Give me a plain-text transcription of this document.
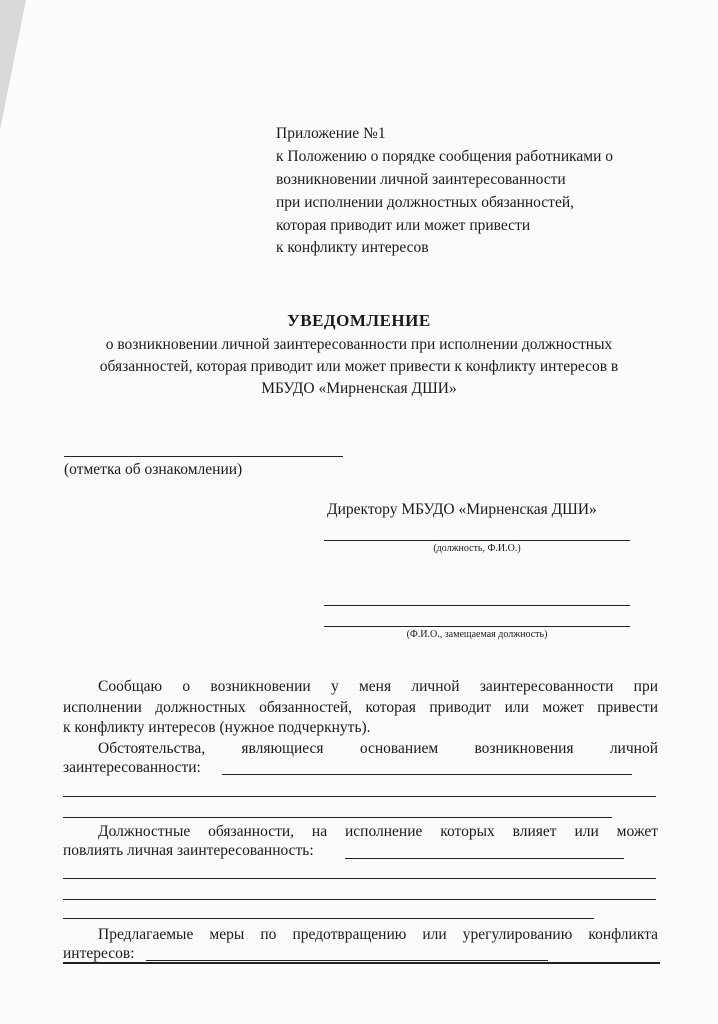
Приложение №1
к Положению о порядке сообщения работниками о
возникновении личной заинтересованности
при исполнении должностных обязанностей,
которая приводит или может привести
к конфликту интересов
УВЕДОМЛЕНИЕ
о возникновении личной заинтересованности при исполнении должностных
обязанностей, которая приводит или может привести к конфликту интересов в
МБУДО «Мирненская ДШИ»
(отметка об ознакомлении)
Директору МБУДО «Мирненская ДШИ»
(должность, Ф.И.О.)
(Ф.И.О., замещаемая должность)
Сообщаю о возникновении у меня личной заинтересованности при
исполнении должностных обязанностей, которая приводит или может привести
к конфликту интересов (нужное подчеркнуть).
Обстоятельства, являющиеся основанием возникновения личной
заинтересованности:
Должностные обязанности, на исполнение которых влияет или может
повлиять личная заинтересованность:
Предлагаемые меры по предотвращению или урегулированию конфликта
интересов:
